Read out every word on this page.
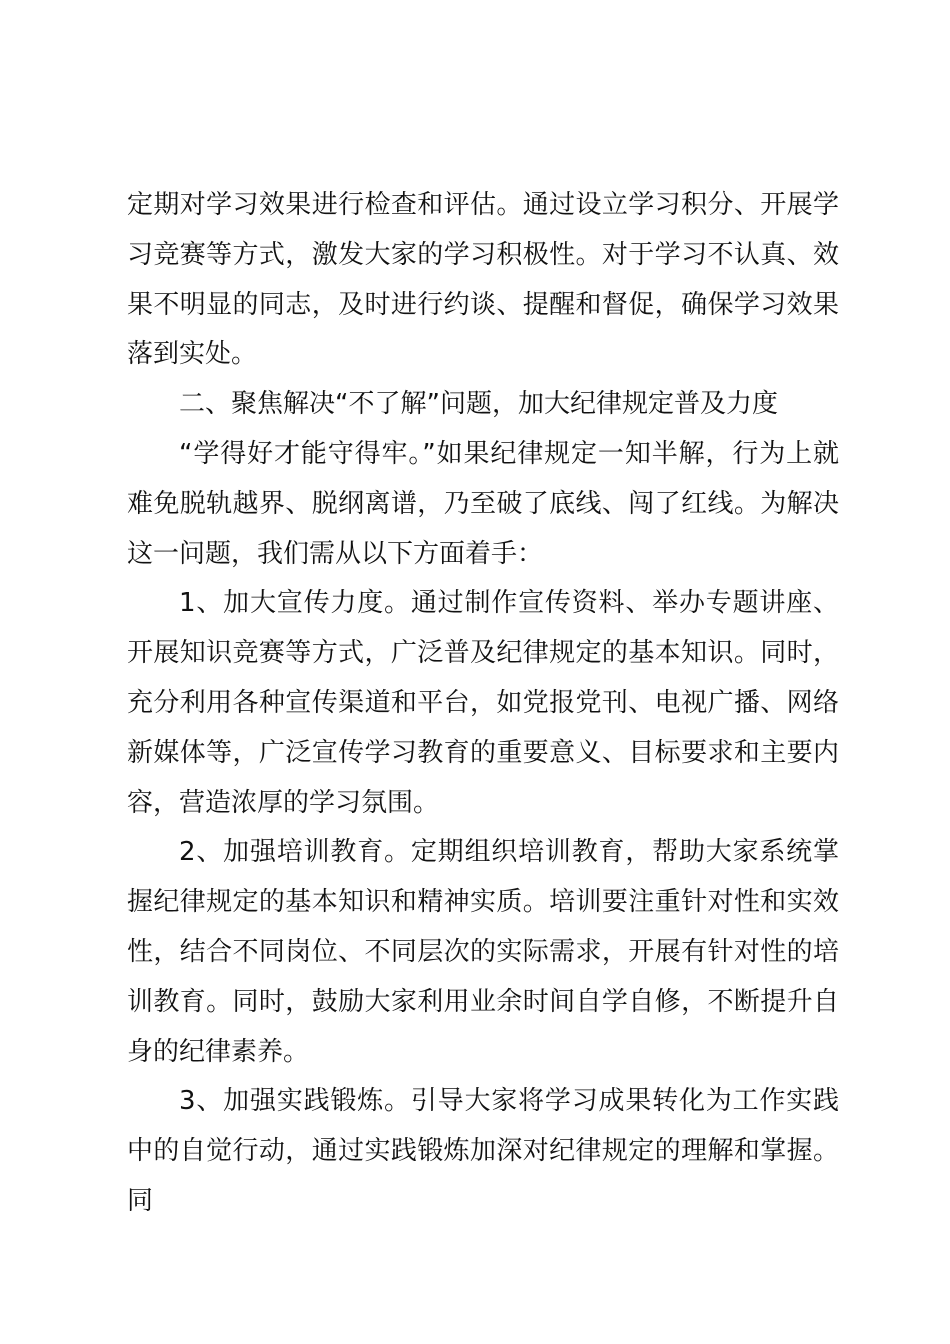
定期对学习效果进行检查和评估。通过设立学习积分、开展学习竞赛等方式，激发大家的学习积极性。对于学习不认真、效果不明显的同志，及时进行约谈、提醒和督促，确保学习效果落到实处。

二、聚焦解决“不了解”问题，加大纪律规定普及力度

“学得好才能守得牢。”如果纪律规定一知半解，行为上就难免脱轨越界、脱纲离谱，乃至破了底线、闯了红线。为解决这一问题，我们需从以下方面着手：

1、加大宣传力度。通过制作宣传资料、举办专题讲座、开展知识竞赛等方式，广泛普及纪律规定的基本知识。同时，充分利用各种宣传渠道和平台，如党报党刊、电视广播、网络新媒体等，广泛宣传学习教育的重要意义、目标要求和主要内容，营造浓厚的学习氛围。

2、加强培训教育。定期组织培训教育，帮助大家系统掌握纪律规定的基本知识和精神实质。培训要注重针对性和实效性，结合不同岗位、不同层次的实际需求，开展有针对性的培训教育。同时，鼓励大家利用业余时间自学自修，不断提升自身的纪律素养。

3、加强实践锻炼。引导大家将学习成果转化为工作实践中的自觉行动，通过实践锻炼加深对纪律规定的理解和掌握。同
